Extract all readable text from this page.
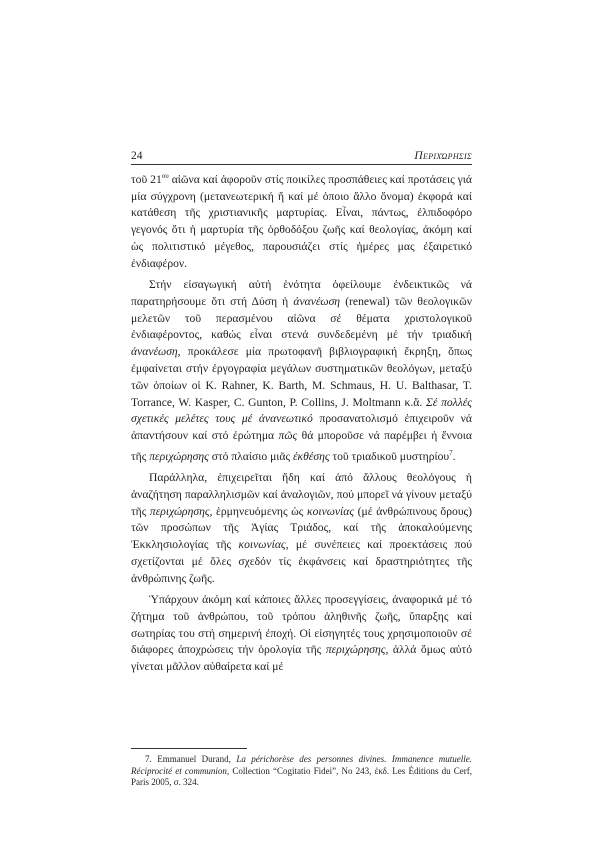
24	Περιχώρησις

τοῦ $21^{o\upsilon}$ αἰῶνα καί ἀφοροῦν στίς ποικίλες προσπάθειες καί προτάσεις γιά μία σύγχρονη (μετανεωτερική ἤ καί μέ ὁποιο ἄλλο ὄνομα) ἐκφορά καί κατάθεση τῆς χριστιανικῆς μαρτυρίας. Εἶναι, πάντως, ἐλπιδοφόρο γεγονός ὅτι ἡ μαρτυρία τῆς ὀρθοδόξου ζωῆς καί θεολογίας, ἀκόμη καί ὡς πολιτιστικό μέγεθος, παρουσιάζει στίς ἡμέρες μας ἐξαιρετικό ἐνδιαφέρον.

Στήν εἰσαγωγική αὐτή ἑνότητα ὀφείλουμε ἐνδεικτικῶς νά παρατηρήσουμε ὅτι στή Δύση ἡ ἀνανέωση (renewal) τῶν θεολογικῶν μελετῶν τοῦ περασμένου αἰῶνα σέ θέματα χριστολογικοῦ ἐνδιαφέροντος, καθώς εἶναι στενά συνδεδεμένη μέ τήν τριαδική ἀνανέωση, προκάλεσε μία πρωτοφανῆ βιβλιογραφική ἔκρηξη, ὅπως ἐμφαίνεται στήν ἐργογραφία μεγάλων συστηματικῶν θεολόγων, μεταξύ τῶν ὁποίων οἱ K. Rahner, K. Barth, M. Schmaus, H. U. Balthasar, T. Torrance, W. Kasper, C. Gunton, P. Collins, J. Moltmann κ.ἄ. Σέ πολλές σχετικές μελέτες τους μέ ἀνανεωτικό προσανατολισμό ἐπιχειροῦν νά ἀπαντήσουν καί στό ἐρώτημα πῶς θά μποροῦσε νά παρέμβει ἡ ἔννοια τῆς περιχώρησης στό πλαίσιο μιᾶς ἐκθέσης τοῦ τριαδικοῦ μυστηρίου$^7$.

Παράλληλα, ἐπιχειρεῖται ἤδη καί ἀπό ἄλλους θεολόγους ἡ ἀναζήτηση παραλληλισμῶν καί ἀναλογιῶν, πού μπορεῖ νά γίνουν μεταξύ τῆς περιχώρησης, ἑρμηνευόμενης ὡς κοινωνίας (μέ ἀνθρώπινους ὅρους) τῶν προσώπων τῆς Ἁγίας Τριάδος, καί τῆς ἀποκαλούμενης Ἐκκλησιολογίας τῆς κοινωνίας, μέ συνέπειες καί προεκτάσεις πού σχετίζονται μέ ὅλες σχεδόν τίς ἐκφάνσεις καί δραστηριότητες τῆς ἀνθρώπινης ζωῆς.

Ὑπάρχουν ἀκόμη καί κάποιες ἄλλες προσεγγίσεις, ἀναφορικά μέ τό ζήτημα τοῦ ἀνθρώπου, τοῦ τρόπου ἀληθινῆς ζωῆς, ὕπαρξης καί σωτηρίας του στή σημερινή ἐποχή. Οἱ εἰσηγητές τους χρησιμοποιοῦν σέ διάφορες ἀποχρώσεις τήν ὁρολογία τῆς περιχώρησης, ἀλλά ὅμως αὐτό γίνεται μᾶλλον αὐθαίρετα καί μέ

7. Emmanuel Durand, La périchorèse des personnes divines. Immanence mutuelle. Réciprocité et communion, Collection “Cogitatio Fidei”, No 243, ἐκδ. Les Éditions du Cerf, Paris 2005, σ. 324.
